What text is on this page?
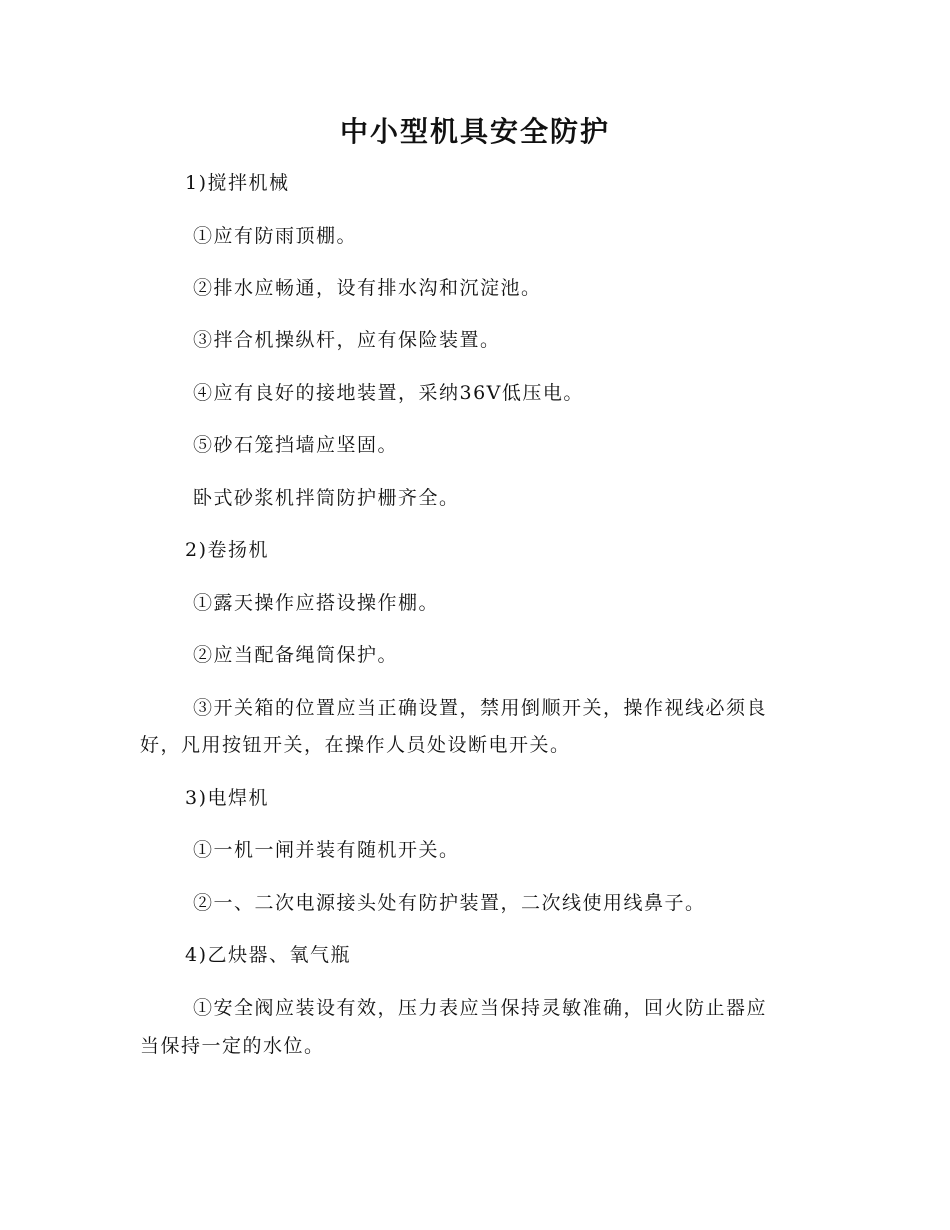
中小型机具安全防护

1)搅拌机械

①应有防雨顶棚。

②排水应畅通，设有排水沟和沉淀池。

③拌合机操纵杆，应有保险装置。

④应有良好的接地装置，采纳36V低压电。

⑤砂石笼挡墙应坚固。

卧式砂浆机拌筒防护栅齐全。

2)卷扬机

①露天操作应搭设操作棚。

②应当配备绳筒保护。

③开关箱的位置应当正确设置，禁用倒顺开关，操作视线必须良

好，凡用按钮开关，在操作人员处设断电开关。

3)电焊机

①一机一闸并装有随机开关。

②一、二次电源接头处有防护装置，二次线使用线鼻子。

4)乙炔器、氧气瓶

①安全阀应装设有效，压力表应当保持灵敏准确，回火防止器应

当保持一定的水位。
